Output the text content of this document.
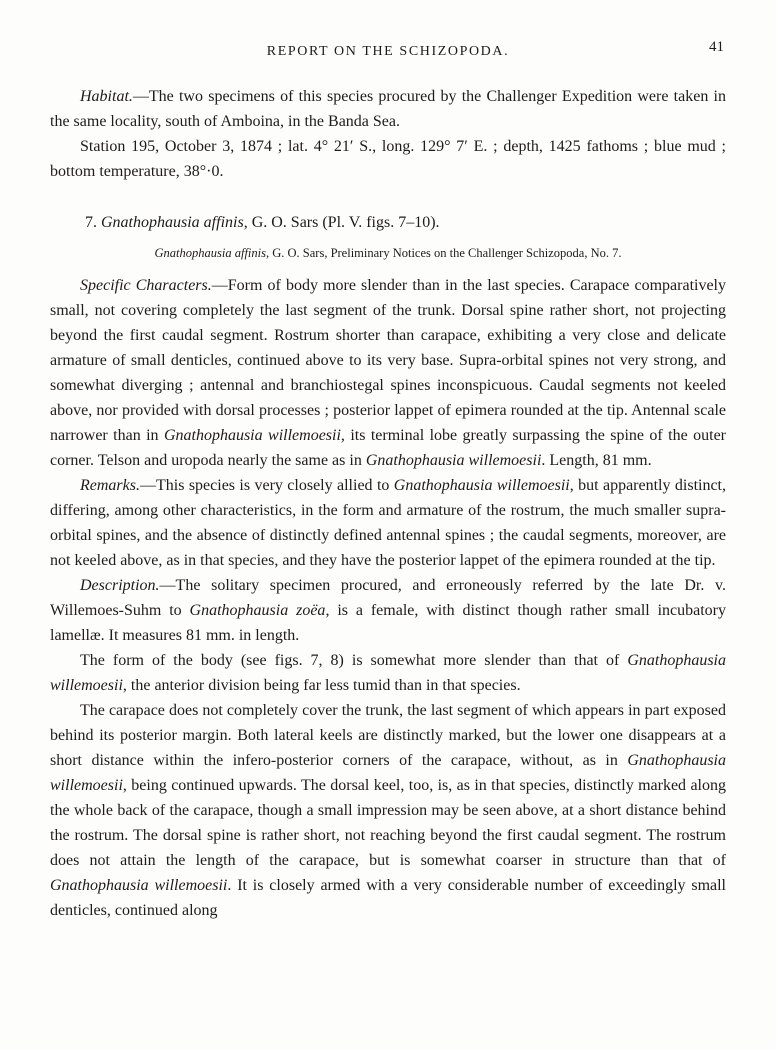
REPORT ON THE SCHIZOPODA.	41

Habitat.—The two specimens of this species procured by the Challenger Expedition were taken in the same locality, south of Amboina, in the Banda Sea.

Station 195, October 3, 1874 ; lat. 4° 21′ S., long. 129° 7′ E. ; depth, 1425 fathoms ; blue mud ; bottom temperature, 38°·0.

7. Gnathophausia affinis, G. O. Sars (Pl. V. figs. 7–10).

Gnathophausia affinis, G. O. Sars, Preliminary Notices on the Challenger Schizopoda, No. 7.

Specific Characters.—Form of body more slender than in the last species. Carapace comparatively small, not covering completely the last segment of the trunk. Dorsal spine rather short, not projecting beyond the first caudal segment. Rostrum shorter than carapace, exhibiting a very close and delicate armature of small denticles, continued above to its very base. Supra-orbital spines not very strong, and somewhat diverging ; antennal and branchiostegal spines inconspicuous. Caudal segments not keeled above, nor provided with dorsal processes ; posterior lappet of epimera rounded at the tip. Antennal scale narrower than in Gnathophausia willemoesii, its terminal lobe greatly surpassing the spine of the outer corner. Telson and uropoda nearly the same as in Gnathophausia willemoesii. Length, 81 mm.

Remarks.—This species is very closely allied to Gnathophausia willemoesii, but apparently distinct, differing, among other characteristics, in the form and armature of the rostrum, the much smaller supra-orbital spines, and the absence of distinctly defined antennal spines ; the caudal segments, moreover, are not keeled above, as in that species, and they have the posterior lappet of the epimera rounded at the tip.

Description.—The solitary specimen procured, and erroneously referred by the late Dr. v. Willemoes-Suhm to Gnathophausia zoëa, is a female, with distinct though rather small incubatory lamellæ. It measures 81 mm. in length.

The form of the body (see figs. 7, 8) is somewhat more slender than that of Gnathophausia willemoesii, the anterior division being far less tumid than in that species.

The carapace does not completely cover the trunk, the last segment of which appears in part exposed behind its posterior margin. Both lateral keels are distinctly marked, but the lower one disappears at a short distance within the infero-posterior corners of the carapace, without, as in Gnathophausia willemoesii, being continued upwards. The dorsal keel, too, is, as in that species, distinctly marked along the whole back of the carapace, though a small impression may be seen above, at a short distance behind the rostrum. The dorsal spine is rather short, not reaching beyond the first caudal segment. The rostrum does not attain the length of the carapace, but is somewhat coarser in structure than that of Gnathophausia willemoesii. It is closely armed with a very considerable number of exceedingly small denticles, continued along
